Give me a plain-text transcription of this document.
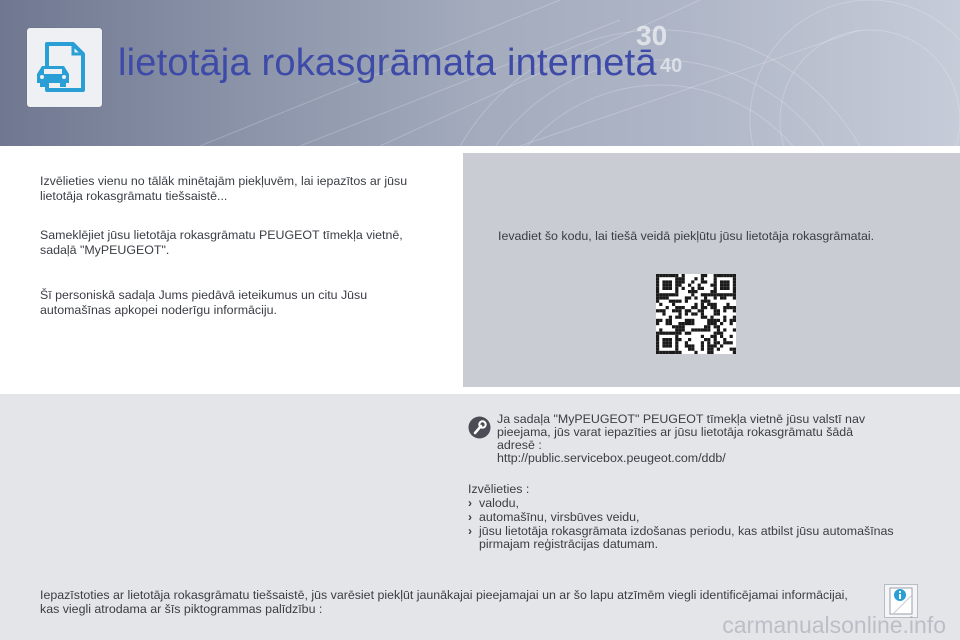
30
40
lietotāja rokasgrāmata internetā
Izvēlieties vienu no tālāk minētajām piekļuvēm, lai iepazītos ar jūsu lietotāja rokasgrāmatu tiešsaistē...
Sameklējiet jūsu lietotāja rokasgrāmatu PEUGEOT tīmekļa vietnē, sadaļā "MyPEUGEOT".
Šī personiskā sadaļa Jums piedāvā ieteikumus un citu Jūsu automašīnas apkopei noderīgu informāciju.
Ievadiet šo kodu, lai tiešā veidā piekļūtu jūsu lietotāja rokasgrāmatai.
Ja sadaļa "MyPEUGEOT" PEUGEOT tīmekļa vietnē jūsu valstī nav
pieejama, jūs varat iepazīties ar jūsu lietotāja rokasgrāmatu šādā
adresē :
http://public.servicebox.peugeot.com/ddb/
Izvēlieties :
› valodu,
› automašīnu, virsbūves veidu,
› jūsu lietotāja rokasgrāmata izdošanas periodu, kas atbilst jūsu automašīnas pirmajam reģistrācijas datumam.
Iepazīstoties ar lietotāja rokasgrāmatu tiešsaistē, jūs varēsiet piekļūt jaunākajai pieejamajai un ar šo lapu atzīmēm viegli identificējamai informācijai, kas viegli atrodama ar šīs piktogrammas palīdzību :
carmanualsonline.info
